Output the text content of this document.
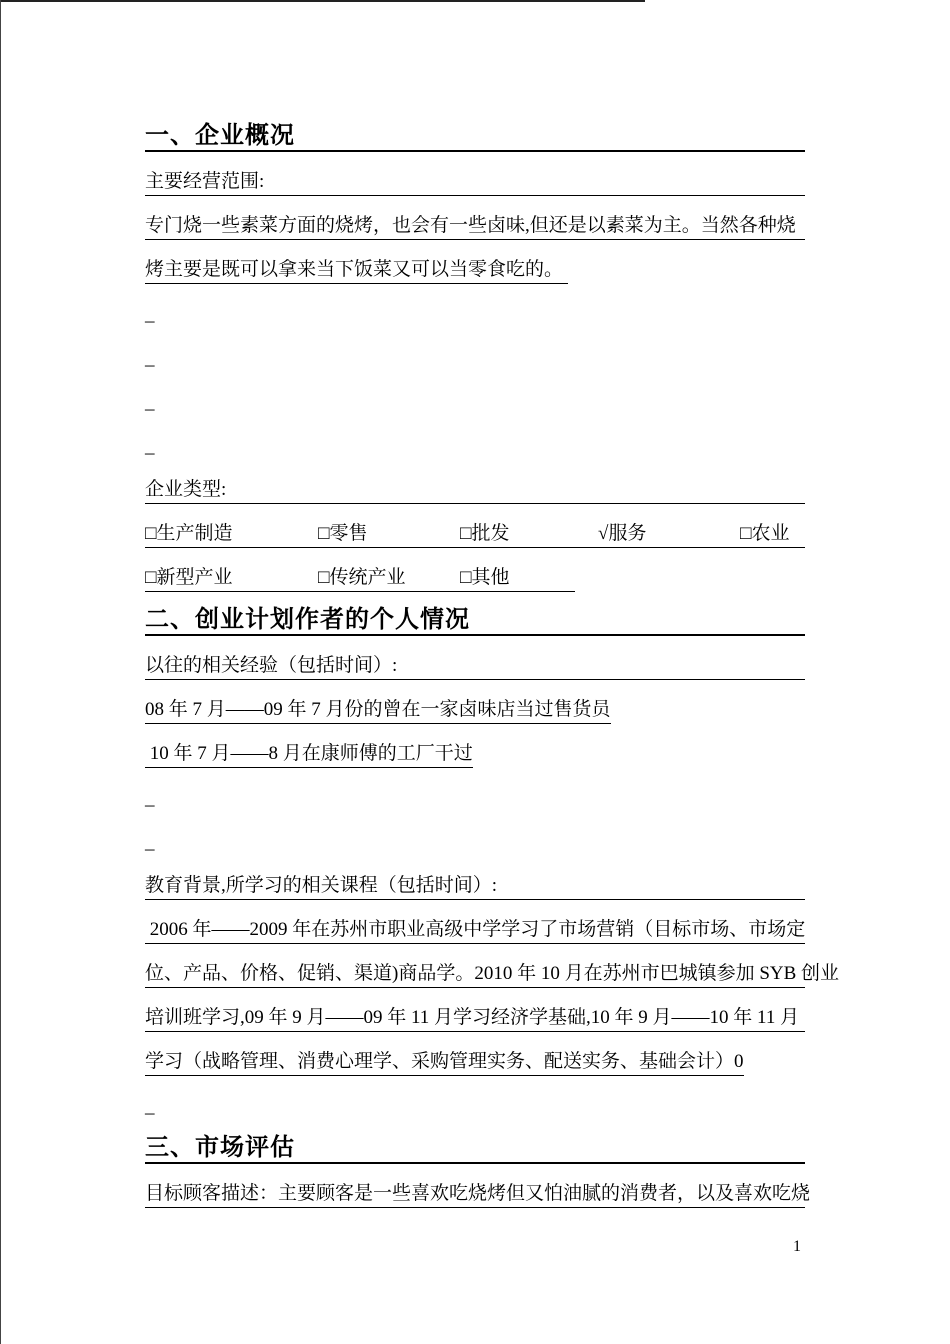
一、企业概况
主要经营范围:
专门烧一些素菜方面的烧烤，也会有一些卤味,但还是以素菜为主。当然各种烧
烤主要是既可以拿来当下饭菜又可以当零食吃的。
_
_
_
_
企业类型:
□生产制造	□零售	□批发	√服务	□农业
□新型产业	□传统产业	□其他
二、创业计划作者的个人情况
以往的相关经验（包括时间）:
08 年 7 月——09 年 7 月份的曾在一家卤味店当过售货员
10 年 7 月——8 月在康师傅的工厂干过
_
_
教育背景,所学习的相关课程（包括时间）:
2006 年——2009 年在苏州市职业高级中学学习了市场营销（目标市场、市场定
位、产品、价格、促销、渠道)商品学。2010 年 10 月在苏州市巴城镇参加 SYB 创业
培训班学习,09 年 9 月——09 年 11 月学习经济学基础,10 年 9 月——10 年 11 月
学习（战略管理、消费心理学、采购管理实务、配送实务、基础会计）0
_
三、市场评估
目标顾客描述：主要顾客是一些喜欢吃烧烤但又怕油腻的消费者，以及喜欢吃烧
1
